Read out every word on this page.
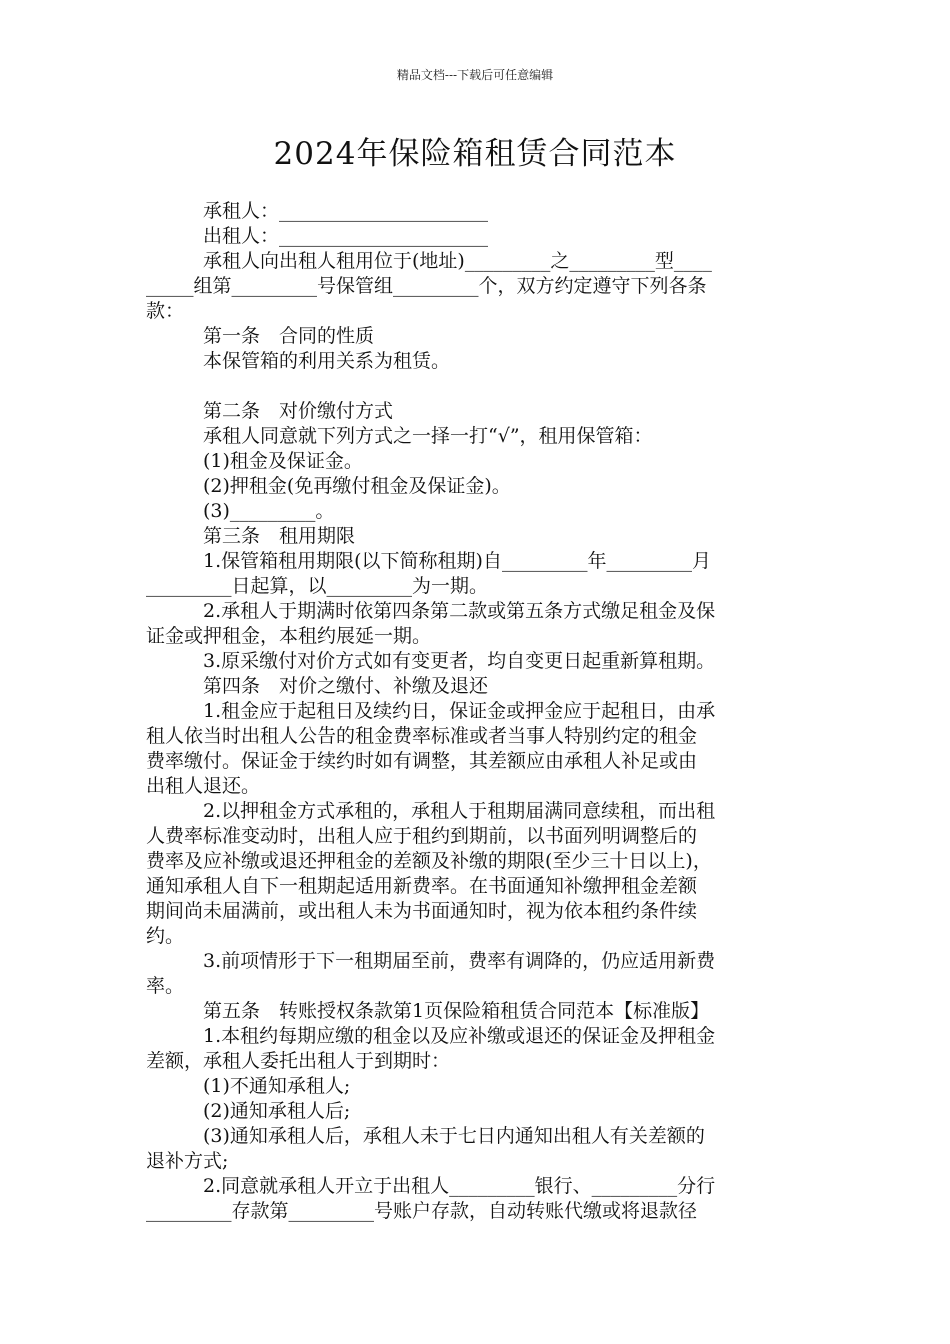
精品文档---下载后可任意编辑
2024年保险箱租赁合同范本
承租人：______________________
出租人：______________________
承租人向出租人租用位于(地址)_________之_________型____
_____组第_________号保管组_________个，双方约定遵守下列各条
款：
第一条　合同的性质
本保管箱的利用关系为租赁。
第二条　对价缴付方式
承租人同意就下列方式之一择一打“√”，租用保管箱：
(1)租金及保证金。
(2)押租金(免再缴付租金及保证金)。
(3)_________。
第三条　租用期限
1.保管箱租用期限(以下简称租期)自_________年_________月
_________日起算，以_________为一期。
2.承租人于期满时依第四条第二款或第五条方式缴足租金及保
证金或押租金，本租约展延一期。
3.原采缴付对价方式如有变更者，均自变更日起重新算租期。
第四条　对价之缴付、补缴及退还
1.租金应于起租日及续约日，保证金或押金应于起租日，由承
租人依当时出租人公告的租金费率标准或者当事人特别约定的租金
费率缴付。保证金于续约时如有调整，其差额应由承租人补足或由
出租人退还。
2.以押租金方式承租的，承租人于租期届满同意续租，而出租
人费率标准变动时，出租人应于租约到期前，以书面列明调整后的
费率及应补缴或退还押租金的差额及补缴的期限(至少三十日以上)，
通知承租人自下一租期起适用新费率。在书面通知补缴押租金差额
期间尚未届满前，或出租人未为书面通知时，视为依本租约条件续
约。
3.前项情形于下一租期届至前，费率有调降的，仍应适用新费
率。
第五条　转账授权条款第1页保险箱租赁合同范本【标准版】
1.本租约每期应缴的租金以及应补缴或退还的保证金及押租金
差额，承租人委托出租人于到期时：
(1)不通知承租人;
(2)通知承租人后;
(3)通知承租人后，承租人未于七日内通知出租人有关差额的
退补方式;
2.同意就承租人开立于出租人_________银行、_________分行
_________存款第_________号账户存款，自动转账代缴或将退款径
